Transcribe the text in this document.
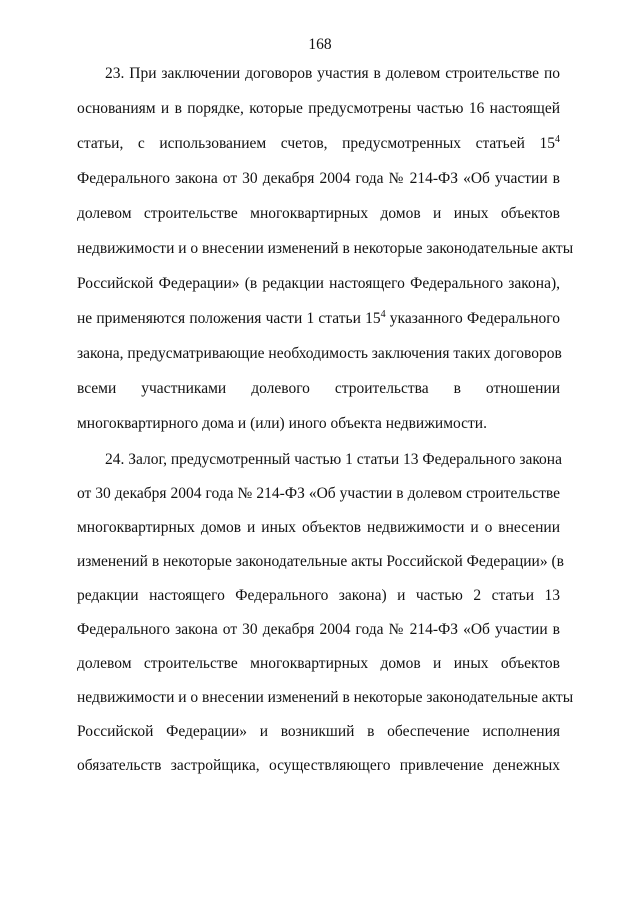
168
23. При заключении договоров участия в долевом строительстве по
основаниям и в порядке, которые предусмотрены частью 16 настоящей
статьи, с использованием счетов, предусмотренных статьей $15^4$
Федерального закона от 30 декабря 2004 года № 214-ФЗ «Об участии в
долевом строительстве многоквартирных домов и иных объектов
недвижимости и о внесении изменений в некоторые законодательные акты
Российской Федерации» (в редакции настоящего Федерального закона),
не применяются положения части 1 статьи $15^4$ указанного Федерального
закона, предусматривающие необходимость заключения таких договоров
всеми участниками долевого строительства в отношении
многоквартирного дома и (или) иного объекта недвижимости.
24. Залог, предусмотренный частью 1 статьи 13 Федерального закона
от 30 декабря 2004 года № 214-ФЗ «Об участии в долевом строительстве
многоквартирных домов и иных объектов недвижимости и о внесении
изменений в некоторые законодательные акты Российской Федерации» (в
редакции настоящего Федерального закона) и частью 2 статьи 13
Федерального закона от 30 декабря 2004 года № 214-ФЗ «Об участии в
долевом строительстве многоквартирных домов и иных объектов
недвижимости и о внесении изменений в некоторые законодательные акты
Российской Федерации» и возникший в обеспечение исполнения
обязательств застройщика, осуществляющего привлечение денежных
